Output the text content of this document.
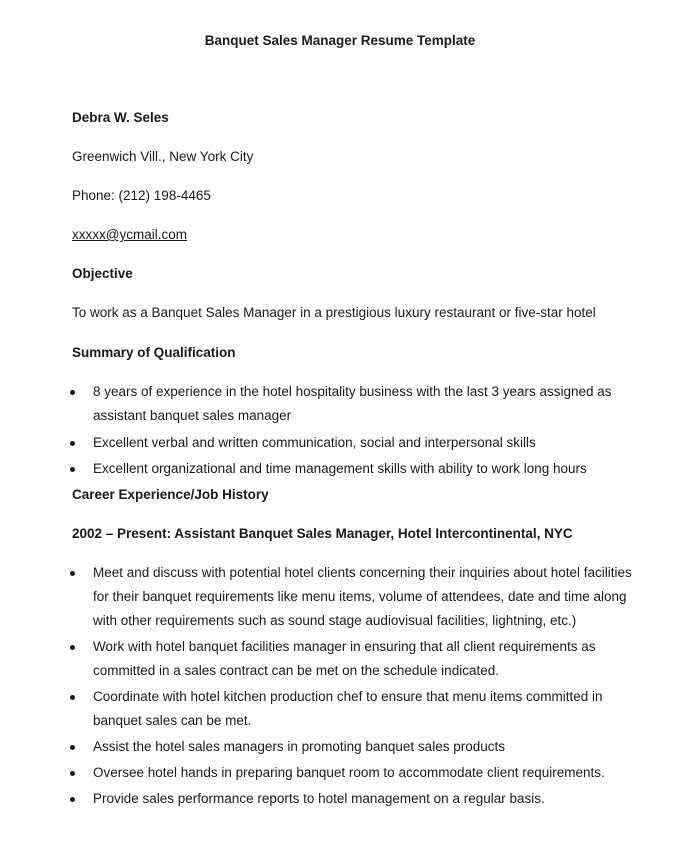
Banquet Sales Manager Resume Template
Debra W. Seles
Greenwich Vill., New York City
Phone: (212) 198-4465
xxxxx@ycmail.com
Objective
To work as a Banquet Sales Manager in a prestigious luxury restaurant or five-star hotel
Summary of Qualification
8 years of experience in the hotel hospitality business with the last 3 years assigned as assistant banquet sales manager
Excellent verbal and written communication, social and interpersonal skills
Excellent organizational and time management skills with ability to work long hours
Career Experience/Job History
2002 – Present: Assistant Banquet Sales Manager, Hotel Intercontinental, NYC
Meet and discuss with potential hotel clients concerning their inquiries about hotel facilities for their banquet requirements like menu items, volume of attendees, date and time along with other requirements such as sound stage audiovisual facilities, lightning, etc.)
Work with hotel banquet facilities manager in ensuring that all client requirements as committed in a sales contract can be met on the schedule indicated.
Coordinate with hotel kitchen production chef to ensure that menu items committed in banquet sales can be met.
Assist the hotel sales managers in promoting banquet sales products
Oversee hotel hands in preparing banquet room to accommodate client requirements.
Provide sales performance reports to hotel management on a regular basis.
